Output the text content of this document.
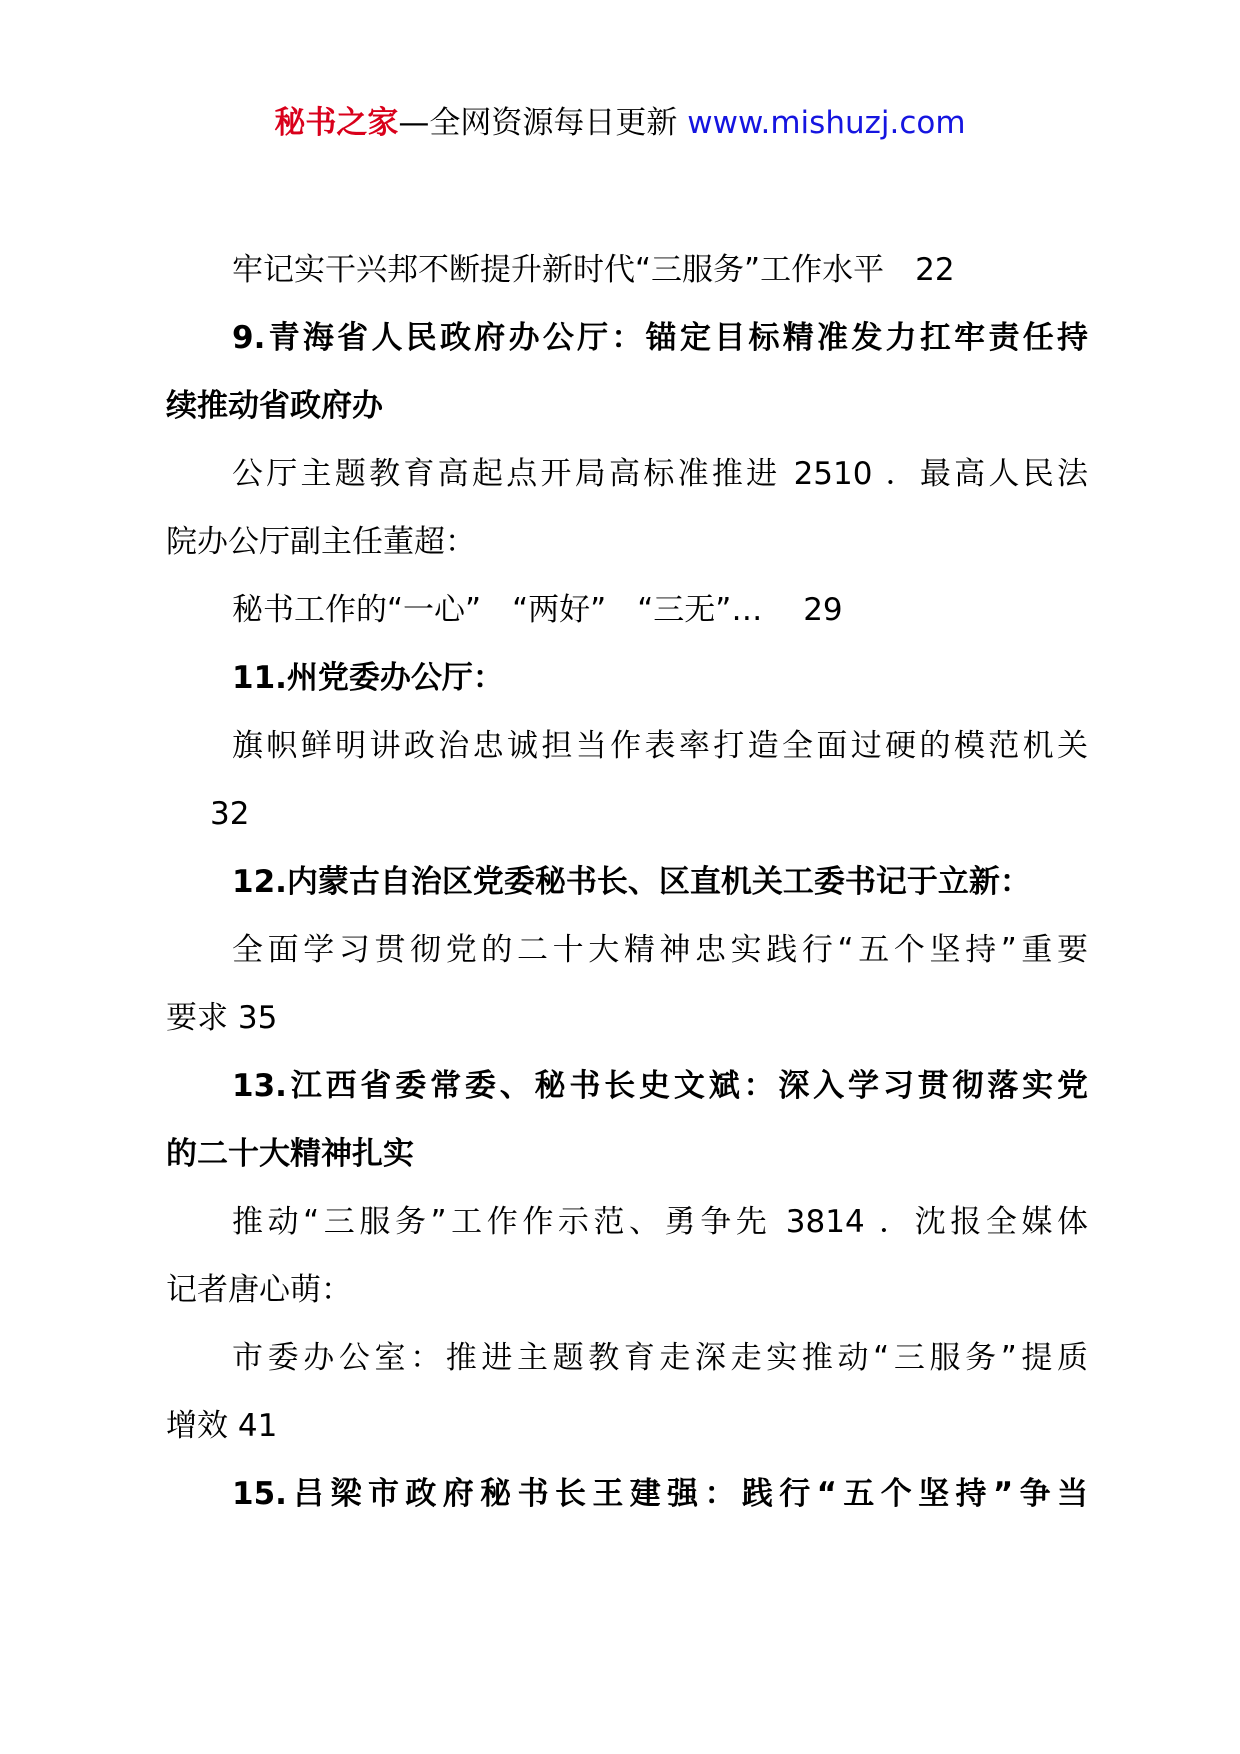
秘书之家—全网资源每日更新 www.mishuzj.com
牢记实干兴邦不断提升新时代“三服务”工作水平　22
9.青海省人民政府办公厅：锚定目标精准发力扛牢责任持
续推动省政府办
公厅主题教育高起点开局高标准推进 2510 ．最高人民法
院办公厅副主任董超：
秘书工作的“一心”　“两好”　“三无”…　 29
11.州党委办公厅：
旗帜鲜明讲政治忠诚担当作表率打造全面过硬的模范机关
32
12.内蒙古自治区党委秘书长、区直机关工委书记于立新：
全面学习贯彻党的二十大精神忠实践行“五个坚持”重要
要求 35
13.江西省委常委、秘书长史文斌：深入学习贯彻落实党
的二十大精神扎实
推动“三服务”工作作示范、勇争先 3814 ．沈报全媒体
记者唐心萌：
市委办公室：推进主题教育走深走实推动“三服务”提质
增效 41
15.吕梁市政府秘书长王建强：践行“五个坚持”争当
